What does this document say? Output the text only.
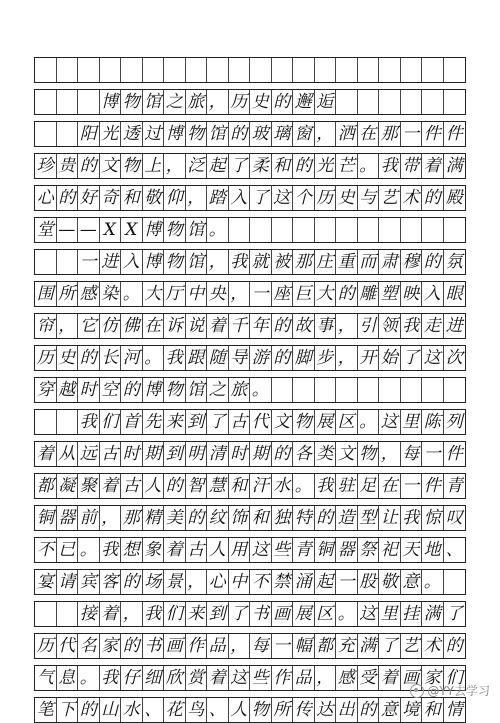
博 物 馆 之 旅 ， 历 史 的 邂 逅

阳 光 透 过 博 物 馆 的 玻 璃 窗 ， 洒 在 那 一 件 件
珍 贵 的 文 物 上 ， 泛 起 了 柔 和 的 光 芒 。 我 带 着 满
心 的 好 奇 和 敬 仰 ， 踏 入 了 这 个 历 史 与 艺 术 的 殿
堂 — — X X 博 物 馆 。

一 进 入 博 物 馆 ， 我 就 被 那 庄 重 而 肃 穆 的 氛
围 所 感 染 。 大 厅 中 央 ， 一 座 巨 大 的 雕 塑 映 入 眼
帘 ， 它 仿 佛 在 诉 说 着 千 年 的 故 事 ， 引 领 我 走 进
历 史 的 长 河 。 我 跟 随 导 游 的 脚 步 ， 开 始 了 这 次
穿 越 时 空 的 博 物 馆 之 旅 。

我 们 首 先 来 到 了 古 代 文 物 展 区 。 这 里 陈 列
着 从 远 古 时 期 到 明 清 时 期 的 各 类 文 物 ， 每 一 件
都 凝 聚 着 古 人 的 智 慧 和 汗 水 。 我 驻 足 在 一 件 青
铜 器 前 ， 那 精 美 的 纹 饰 和 独 特 的 造 型 让 我 惊 叹
不 已 。 我 想 象 着 古 人 用 这 些 青 铜 器 祭 祀 天 地 、
宴 请 宾 客 的 场 景 ， 心 中 不 禁 涌 起 一 股 敬 意 。

接 着 ， 我 们 来 到 了 书 画 展 区 。 这 里 挂 满 了
历 代 名 家 的 书 画 作 品 ， 每 一 幅 都 充 满 了 艺 术 的
气 息 。 我 仔 细 欣 赏 着 这 些 作 品 ， 感 受 着 画 家 们
笔 下 的 山 水 、 花 鸟 、 人 物 所 传 达 出 的 意 境 和 情
@YY去学习
